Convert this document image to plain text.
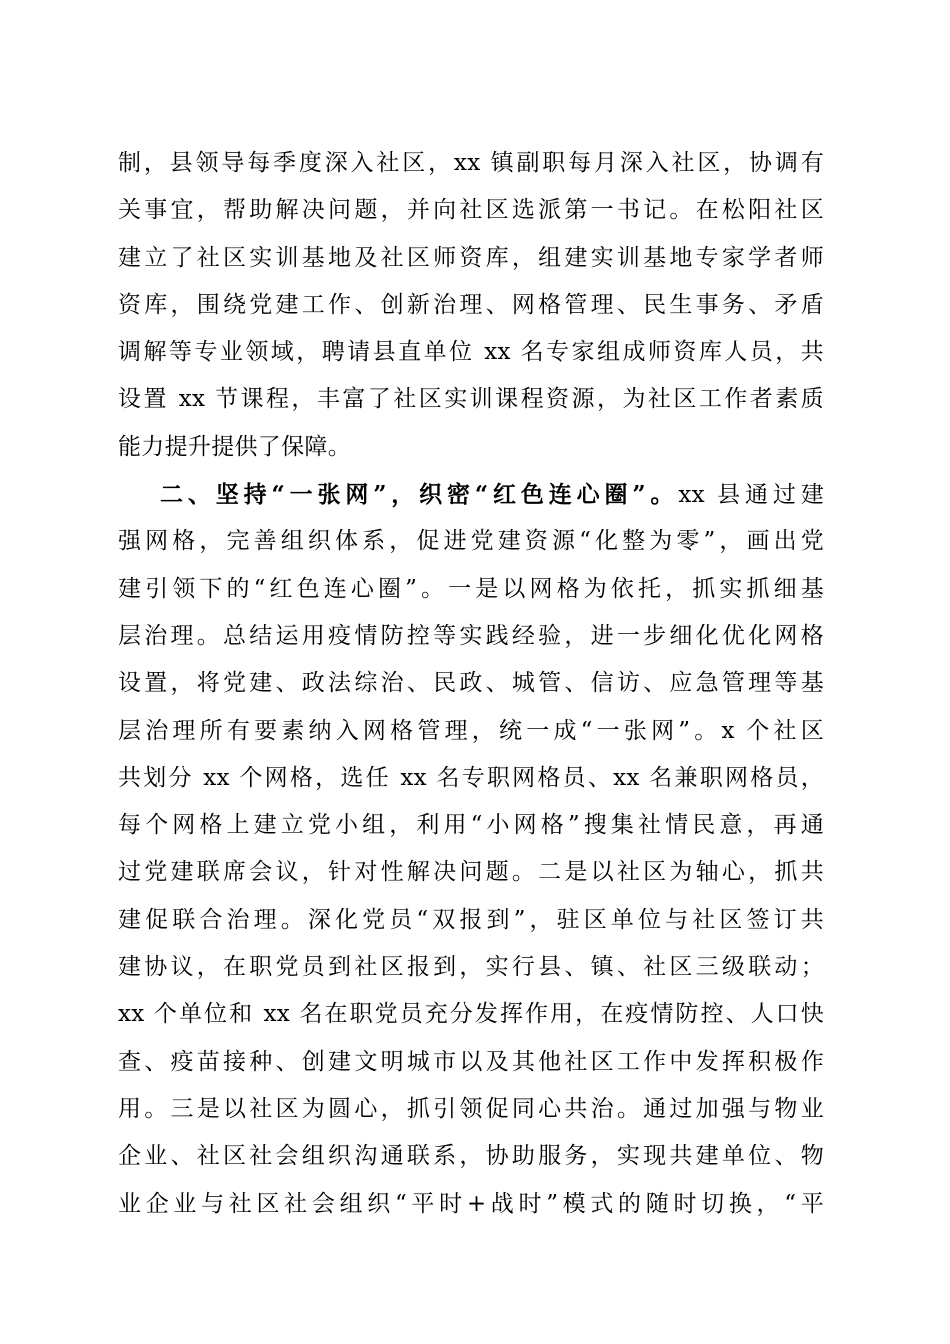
制，县领导每季度深入社区，xx 镇副职每月深入社区，协调有
关事宜，帮助解决问题，并向社区选派第一书记。在松阳社区
建立了社区实训基地及社区师资库，组建实训基地专家学者师
资库，围绕党建工作、创新治理、网格管理、民生事务、矛盾
调解等专业领域，聘请县直单位 xx 名专家组成师资库人员，共
设置 xx 节课程，丰富了社区实训课程资源，为社区工作者素质
能力提升提供了保障。
二、坚持“一张网”，织密“红色连心圈”。xx 县通过建
强网格，完善组织体系，促进党建资源“化整为零”，画出党
建引领下的“红色连心圈”。一是以网格为依托，抓实抓细基
层治理。总结运用疫情防控等实践经验，进一步细化优化网格
设置，将党建、政法综治、民政、城管、信访、应急管理等基
层治理所有要素纳入网格管理，统一成“一张网”。x 个社区
共划分 xx 个网格，选任 xx 名专职网格员、xx 名兼职网格员，
每个网格上建立党小组，利用“小网格”搜集社情民意，再通
过党建联席会议，针对性解决问题。二是以社区为轴心，抓共
建促联合治理。深化党员“双报到”，驻区单位与社区签订共
建协议，在职党员到社区报到，实行县、镇、社区三级联动；
xx 个单位和 xx 名在职党员充分发挥作用，在疫情防控、人口快
查、疫苗接种、创建文明城市以及其他社区工作中发挥积极作
用。三是以社区为圆心，抓引领促同心共治。通过加强与物业
企业、社区社会组织沟通联系，协助服务，实现共建单位、物
业企业与社区社会组织“平时+战时”模式的随时切换，“平
